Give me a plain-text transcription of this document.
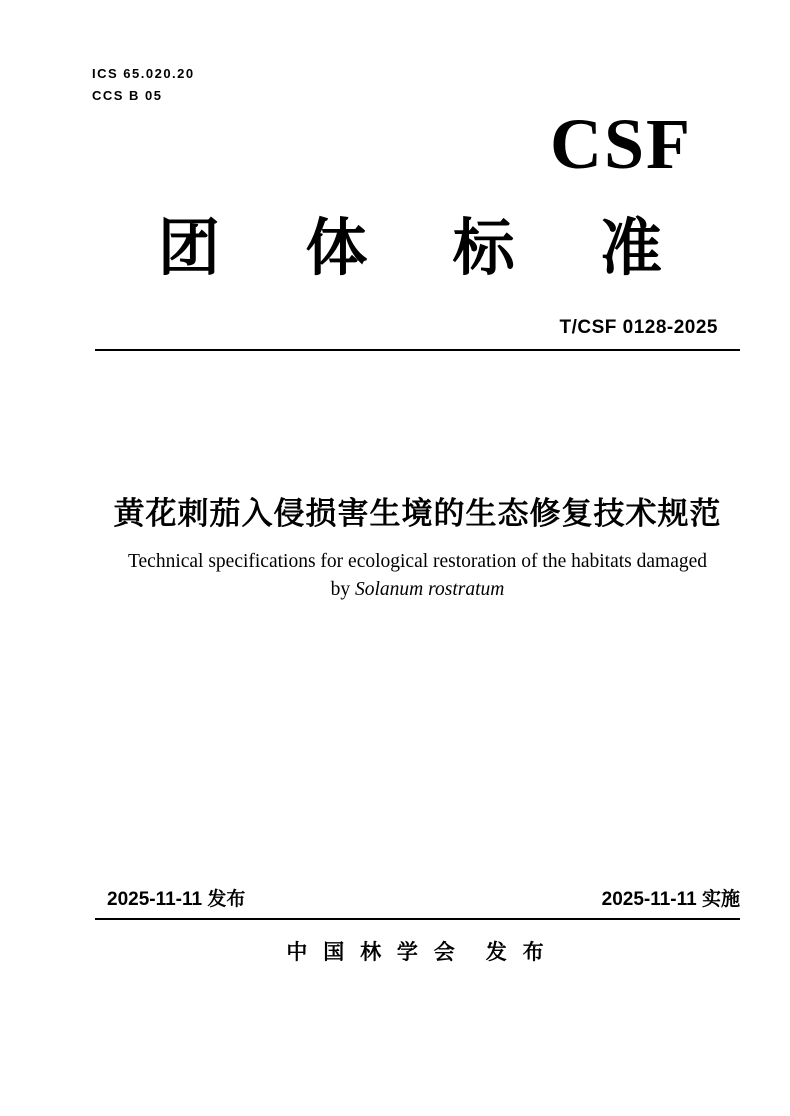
ICS 65.020.20
CCS B 05
CSF
团 体 标 准
T/CSF 0128-2025
黄花刺茄入侵损害生境的生态修复技术规范
Technical specifications for ecological restoration of the habitats damaged
by Solanum rostratum
2025-11-11 发布	2025-11-11 实施
中 国 林 学 会　发 布
